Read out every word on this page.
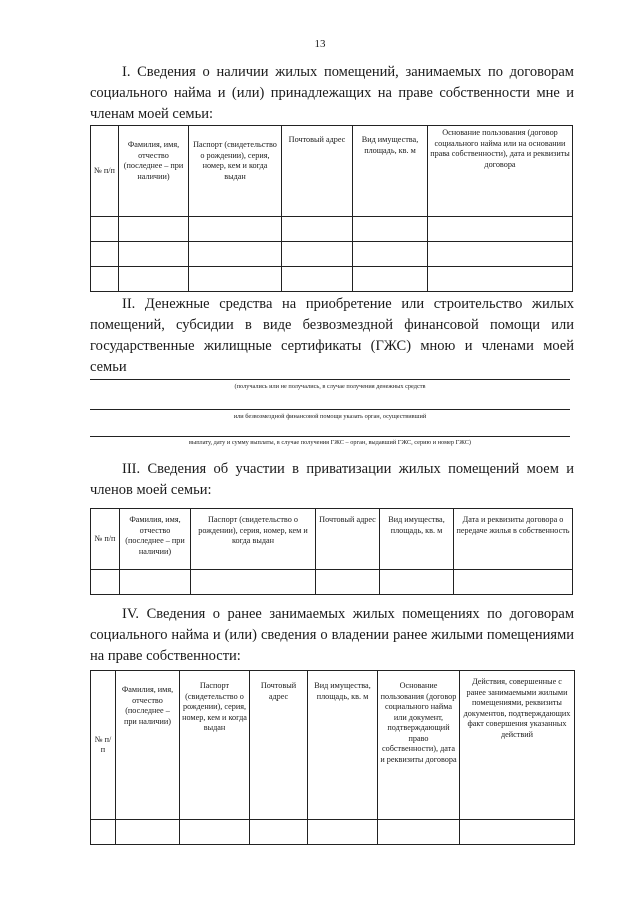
13
I. Сведения о наличии жилых помещений, занимаемых по договорам социального найма и (или) принадлежащих на праве собственности мне и членам моей семьи:
№ п/п	Фамилия, имя, отчество (последнее – при наличии)	Паспорт (свидетельство о рождении), серия, номер, кем и когда выдан	Почтовый адрес	Вид имущества, площадь, кв. м	Основание пользования (договор социального найма или на основании права собственности), дата и реквизиты договора

II. Денежные средства на приобретение или строительство жилых помещений, субсидии в виде безвозмездной финансовой помощи или государственные жилищные сертификаты (ГЖС) мною и членами моей семьи
(получались или не получались, в случае получения денежных средств
или безвозмездной финансовой помощи указать орган, осуществивший
выплату, дату и сумму выплаты, в случае получения ГЖС – орган, выдавший ГЖС, серию и номер ГЖС)
III. Сведения об участии в приватизации жилых помещений моем и членов моей семьи:
№ п/п	Фамилия, имя, отчество (последнее – при наличии)	Паспорт (свидетельство о рождении), серия, номер, кем и когда выдан	Почтовый адрес	Вид имущества, площадь, кв. м	Дата и реквизиты договора о передаче жилья в собственность

IV. Сведения о ранее занимаемых жилых помещениях по договорам социального найма и (или) сведения о владении ранее жилыми помещениями на праве собственности:
№ п/п	Фамилия, имя, отчество (последнее – при наличии)	Паспорт (свидетельство о рождении), серия, номер, кем и когда выдан	Почтовый адрес	Вид имущества, площадь, кв. м	Основание пользования (договор социального найма или документ, подтверждающий право собственности), дата и реквизиты договора	Действия, совершенные с ранее занимаемыми жилыми помещениями, реквизиты документов, подтверждающих факт совершения указанных действий
